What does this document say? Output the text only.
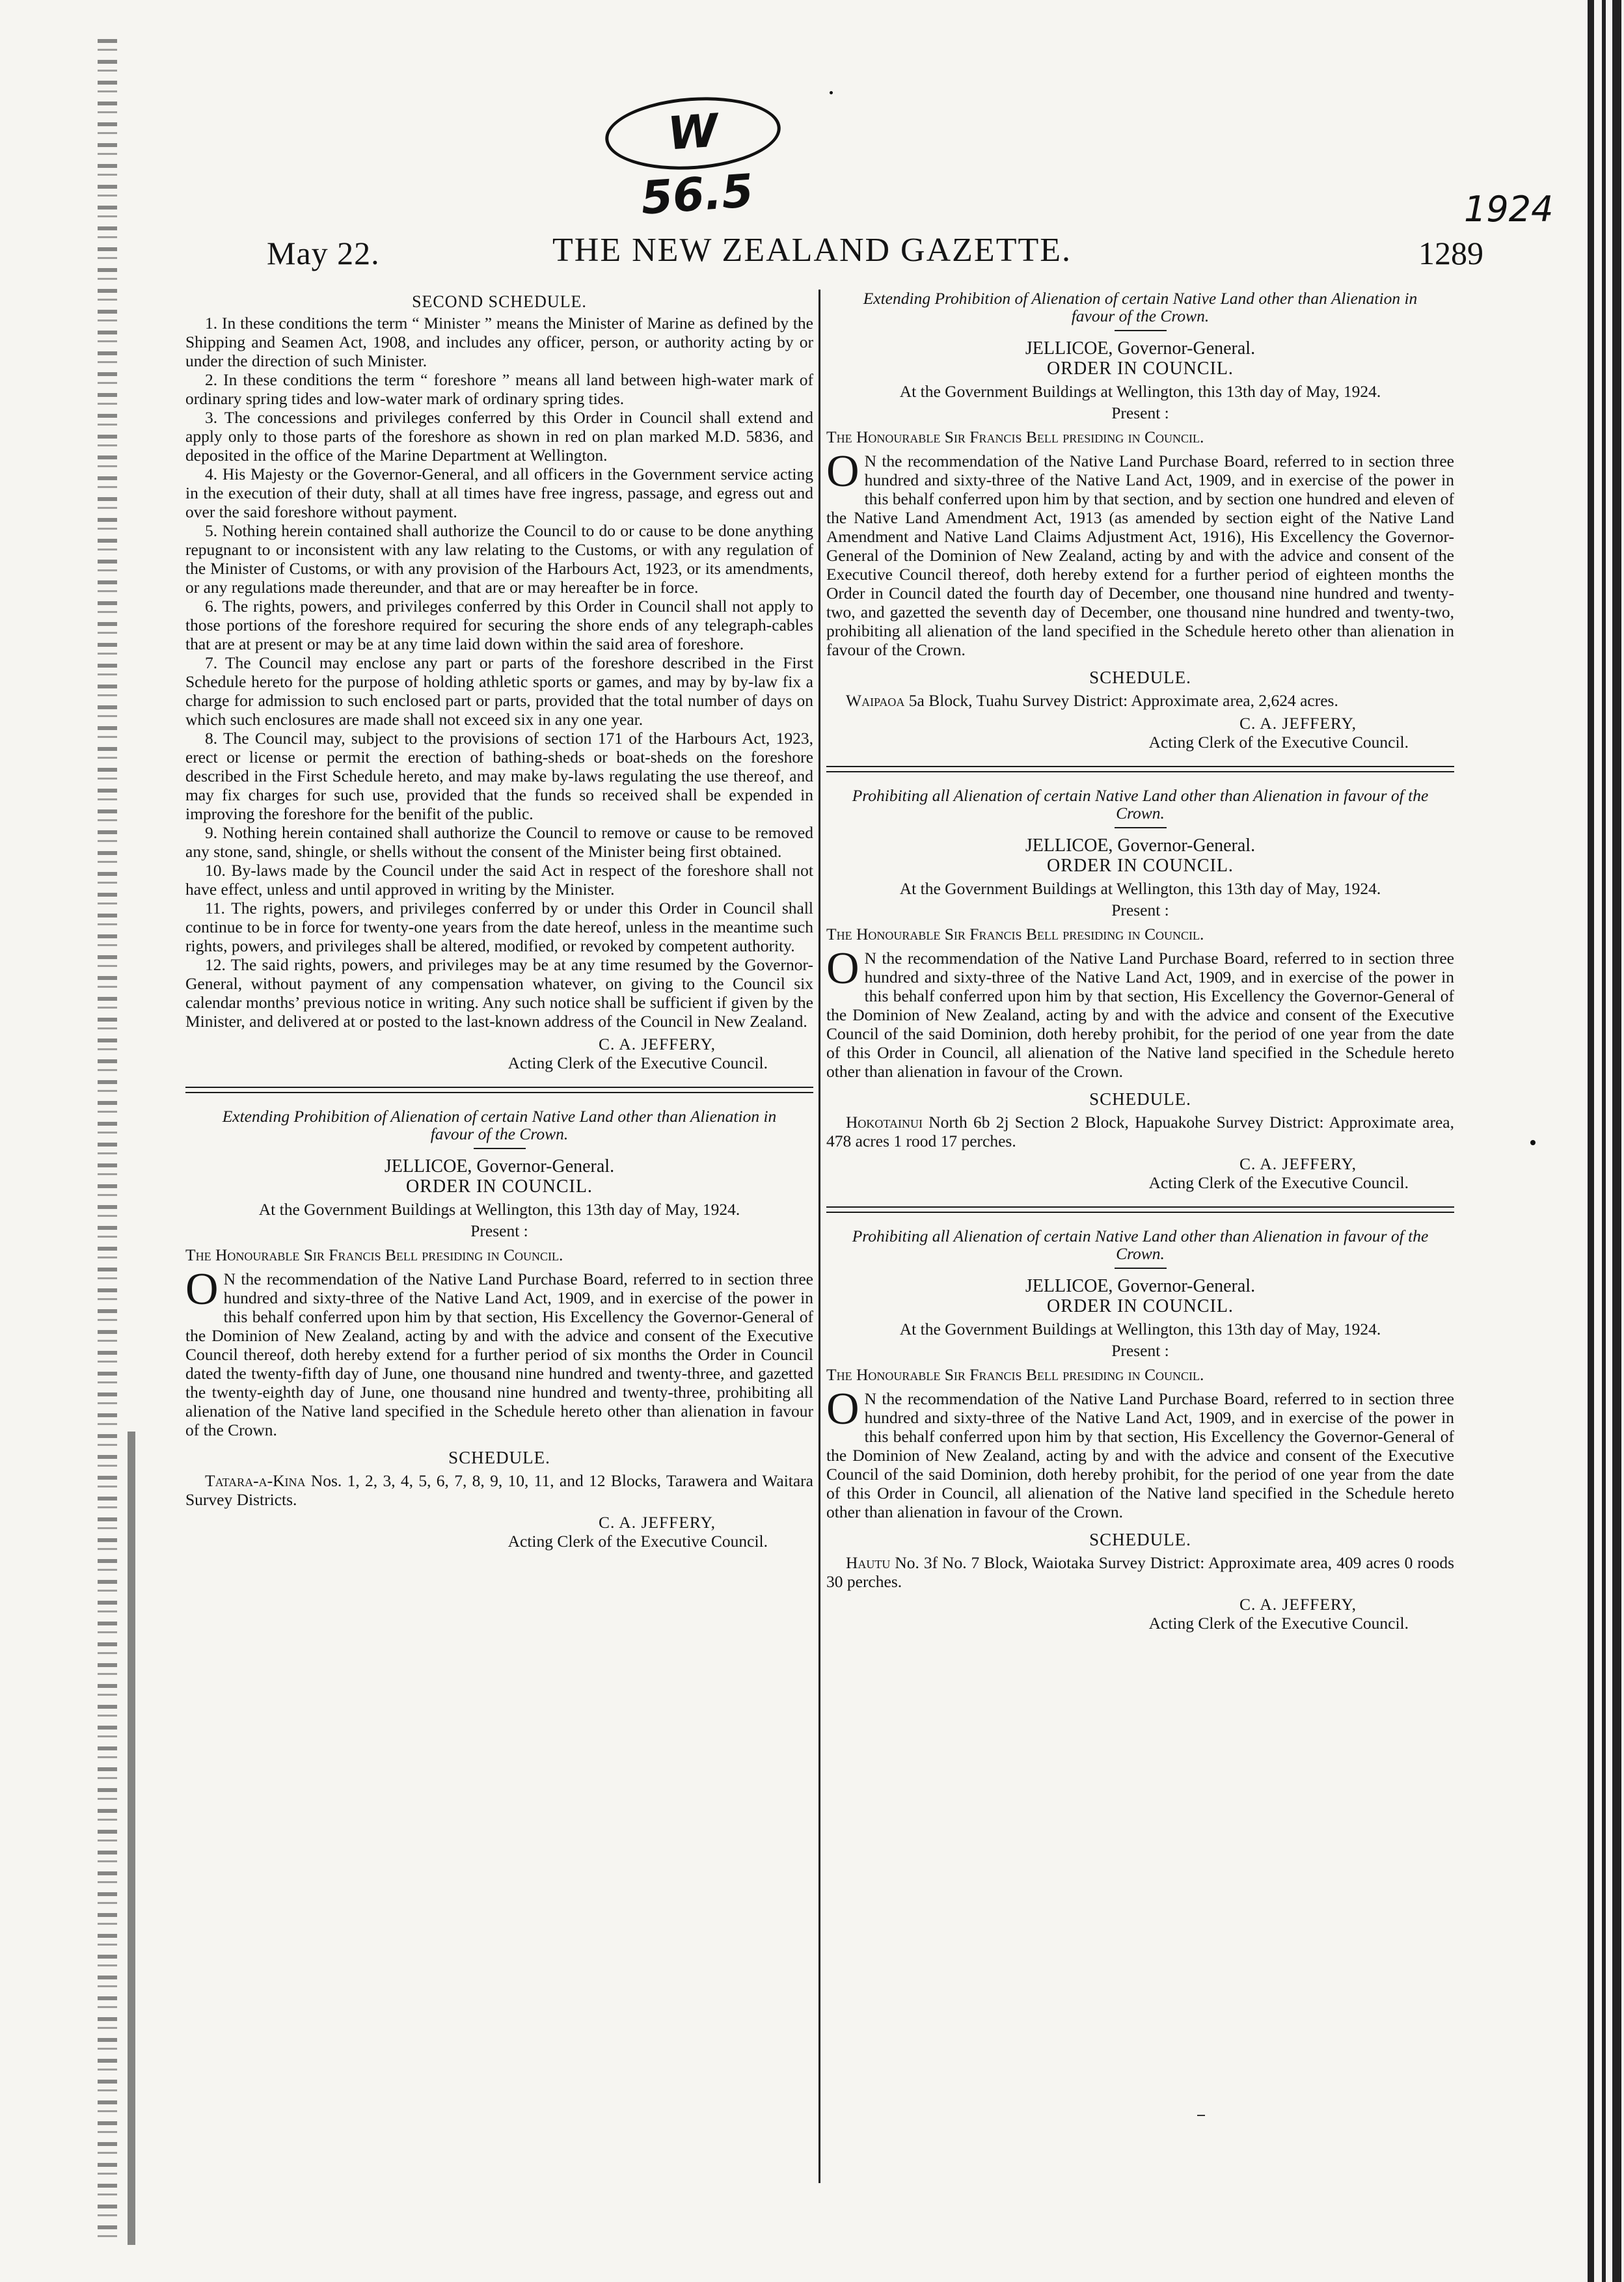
W 56.5	1924
May 22.	THE NEW ZEALAND GAZETTE.	1289
SECOND SCHEDULE.

1. In these conditions the term “ Minister ” means the Minister of Marine as defined by the Shipping and Seamen Act, 1908, and includes any officer, person, or authority acting by or under the direction of such Minister.

2. In these conditions the term “ foreshore ” means all land between high-water mark of ordinary spring tides and low-water mark of ordinary spring tides.

3. The concessions and privileges conferred by this Order in Council shall extend and apply only to those parts of the foreshore as shown in red on plan marked M.D. 5836, and deposited in the office of the Marine Department at Wellington.

4. His Majesty or the Governor-General, and all officers in the Government service acting in the execution of their duty, shall at all times have free ingress, passage, and egress out and over the said foreshore without payment.

5. Nothing herein contained shall authorize the Council to do or cause to be done anything repugnant to or inconsistent with any law relating to the Customs, or with any regulation of the Minister of Customs, or with any provision of the Harbours Act, 1923, or its amendments, or any regulations made thereunder, and that are or may hereafter be in force.

6. The rights, powers, and privileges conferred by this Order in Council shall not apply to those portions of the foreshore required for securing the shore ends of any telegraph-cables that are at present or may be at any time laid down within the said area of foreshore.

7. The Council may enclose any part or parts of the foreshore described in the First Schedule hereto for the purpose of holding athletic sports or games, and may by by-law fix a charge for admission to such enclosed part or parts, provided that the total number of days on which such enclosures are made shall not exceed six in any one year.

8. The Council may, subject to the provisions of section 171 of the Harbours Act, 1923, erect or license or permit the erection of bathing-sheds or boat-sheds on the foreshore described in the First Schedule hereto, and may make by-laws regulating the use thereof, and may fix charges for such use, provided that the funds so received shall be expended in improving the foreshore for the benifit of the public.

9. Nothing herein contained shall authorize the Council to remove or cause to be removed any stone, sand, shingle, or shells without the consent of the Minister being first obtained.

10. By-laws made by the Council under the said Act in respect of the foreshore shall not have effect, unless and until approved in writing by the Minister.

11. The rights, powers, and privileges conferred by or under this Order in Council shall continue to be in force for twenty-one years from the date hereof, unless in the meantime such rights, powers, and privileges shall be altered, modified, or revoked by competent authority.

12. The said rights, powers, and privileges may be at any time resumed by the Governor-General, without payment of any compensation whatever, on giving to the Council six calendar months’ previous notice in writing. Any such notice shall be sufficient if given by the Minister, and delivered at or posted to the last-known address of the Council in New Zealand.

C. A. JEFFERY,

Acting Clerk of the Executive Council.

Extending Prohibition of Alienation of certain Native Land other than Alienation in favour of the Crown.
JELLICOE, Governor-General.
ORDER IN COUNCIL.
At the Government Buildings at Wellington, this 13th day of May, 1924.
Present :
The Honourable Sir Francis Bell presiding in Council.

O N the recommendation of the Native Land Purchase Board, referred to in section three hundred and sixty-three of the Native Land Act, 1909, and in exercise of the power in this behalf conferred upon him by that section, His Excellency the Governor-General of the Dominion of New Zealand, acting by and with the advice and consent of the Executive Council thereof, doth hereby extend for a further period of six months the Order in Council dated the twenty-fifth day of June, one thousand nine hundred and twenty-three, and gazetted the twenty-eighth day of June, one thousand nine hundred and twenty-three, prohibiting all alienation of the Native land specified in the Schedule hereto other than alienation in favour of the Crown.

SCHEDULE.

Tatara-a-Kina Nos. 1, 2, 3, 4, 5, 6, 7, 8, 9, 10, 11, and 12 Blocks, Tarawera and Waitara Survey Districts.

C. A. JEFFERY,

Acting Clerk of the Executive Council.

Extending Prohibition of Alienation of certain Native Land other than Alienation in favour of the Crown.
JELLICOE, Governor-General.
ORDER IN COUNCIL.
At the Government Buildings at Wellington, this 13th day of May, 1924.
Present :
The Honourable Sir Francis Bell presiding in Council.

O N the recommendation of the Native Land Purchase Board, referred to in section three hundred and sixty-three of the Native Land Act, 1909, and in exercise of the power in this behalf conferred upon him by that section, and by section one hundred and eleven of the Native Land Amendment Act, 1913 (as amended by section eight of the Native Land Amendment and Native Land Claims Adjustment Act, 1916), His Excellency the Governor-General of the Dominion of New Zealand, acting by and with the advice and consent of the Executive Council thereof, doth hereby extend for a further period of eighteen months the Order in Council dated the fourth day of December, one thousand nine hundred and twenty-two, and gazetted the seventh day of December, one thousand nine hundred and twenty-two, prohibiting all alienation of the land specified in the Schedule hereto other than alienation in favour of the Crown.

SCHEDULE.

Waipaoa 5a Block, Tuahu Survey District: Approximate area, 2,624 acres.

C. A. JEFFERY,

Acting Clerk of the Executive Council.

Prohibiting all Alienation of certain Native Land other than Alienation in favour of the Crown.
JELLICOE, Governor-General.
ORDER IN COUNCIL.
At the Government Buildings at Wellington, this 13th day of May, 1924.
Present :
The Honourable Sir Francis Bell presiding in Council.

O N the recommendation of the Native Land Purchase Board, referred to in section three hundred and sixty-three of the Native Land Act, 1909, and in exercise of the power in this behalf conferred upon him by that section, His Excellency the Governor-General of the Dominion of New Zealand, acting by and with the advice and consent of the Executive Council of the said Dominion, doth hereby prohibit, for the period of one year from the date of this Order in Council, all alienation of the Native land specified in the Schedule hereto other than alienation in favour of the Crown.

SCHEDULE.

Hokotainui North 6b 2j Section 2 Block, Hapuakohe Survey District: Approximate area, 478 acres 1 rood 17 perches.

C. A. JEFFERY,

Acting Clerk of the Executive Council.

Prohibiting all Alienation of certain Native Land other than Alienation in favour of the Crown.
JELLICOE, Governor-General.
ORDER IN COUNCIL.
At the Government Buildings at Wellington, this 13th day of May, 1924.
Present :
The Honourable Sir Francis Bell presiding in Council.

O N the recommendation of the Native Land Purchase Board, referred to in section three hundred and sixty-three of the Native Land Act, 1909, and in exercise of the power in this behalf conferred upon him by that section, His Excellency the Governor-General of the Dominion of New Zealand, acting by and with the advice and consent of the Executive Council of the said Dominion, doth hereby prohibit, for the period of one year from the date of this Order in Council, all alienation of the Native land specified in the Schedule hereto other than alienation in favour of the Crown.

SCHEDULE.

Hautu No. 3f No. 7 Block, Waiotaka Survey District: Approximate area, 409 acres 0 roods 30 perches.

C. A. JEFFERY,

Acting Clerk of the Executive Council.
